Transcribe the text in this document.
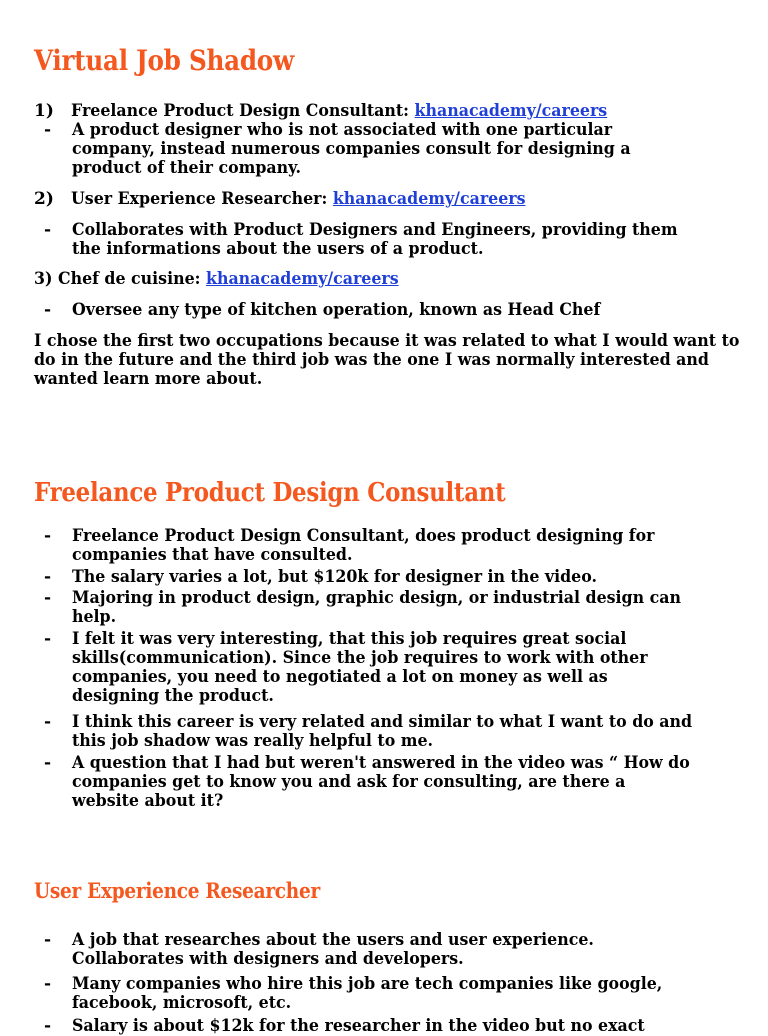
Virtual Job Shadow
1)	Freelance Product Design Consultant: khanacademy/careers
-	A product designer who is not associated with one particular company, instead numerous companies consult for designing a product of their company.
2)	User Experience Researcher: khanacademy/careers
-	Collaborates with Product Designers and Engineers, providing them the informations about the users of a product.
3) Chef de cuisine: khanacademy/careers
-	Oversee any type of kitchen operation, known as Head Chef
I chose the first two occupations because it was related to what I would want to do in the future and the third job was the one I was normally interested and wanted learn more about.
Freelance Product Design Consultant
-	Freelance Product Design Consultant, does product designing for companies that have consulted.
-	The salary varies a lot, but $120k for designer in the video.
-	Majoring in product design, graphic design, or industrial design can help.
-	I felt it was very interesting, that this job requires great social skills(communication). Since the job requires to work with other companies, you need to negotiated a lot on money as well as designing the product.
-	I think this career is very related and similar to what I want to do and this job shadow was really helpful to me.
-	A question that I had but weren't answered in the video was “ How do companies get to know you and ask for consulting, are there a website about it?
User Experience Researcher
-	A job that researches about the users and user experience. Collaborates with designers and developers.
-	Many companies who hire this job are tech companies like google, facebook, microsoft, etc.
-	Salary is about $12k for the researcher in the video but no exact
